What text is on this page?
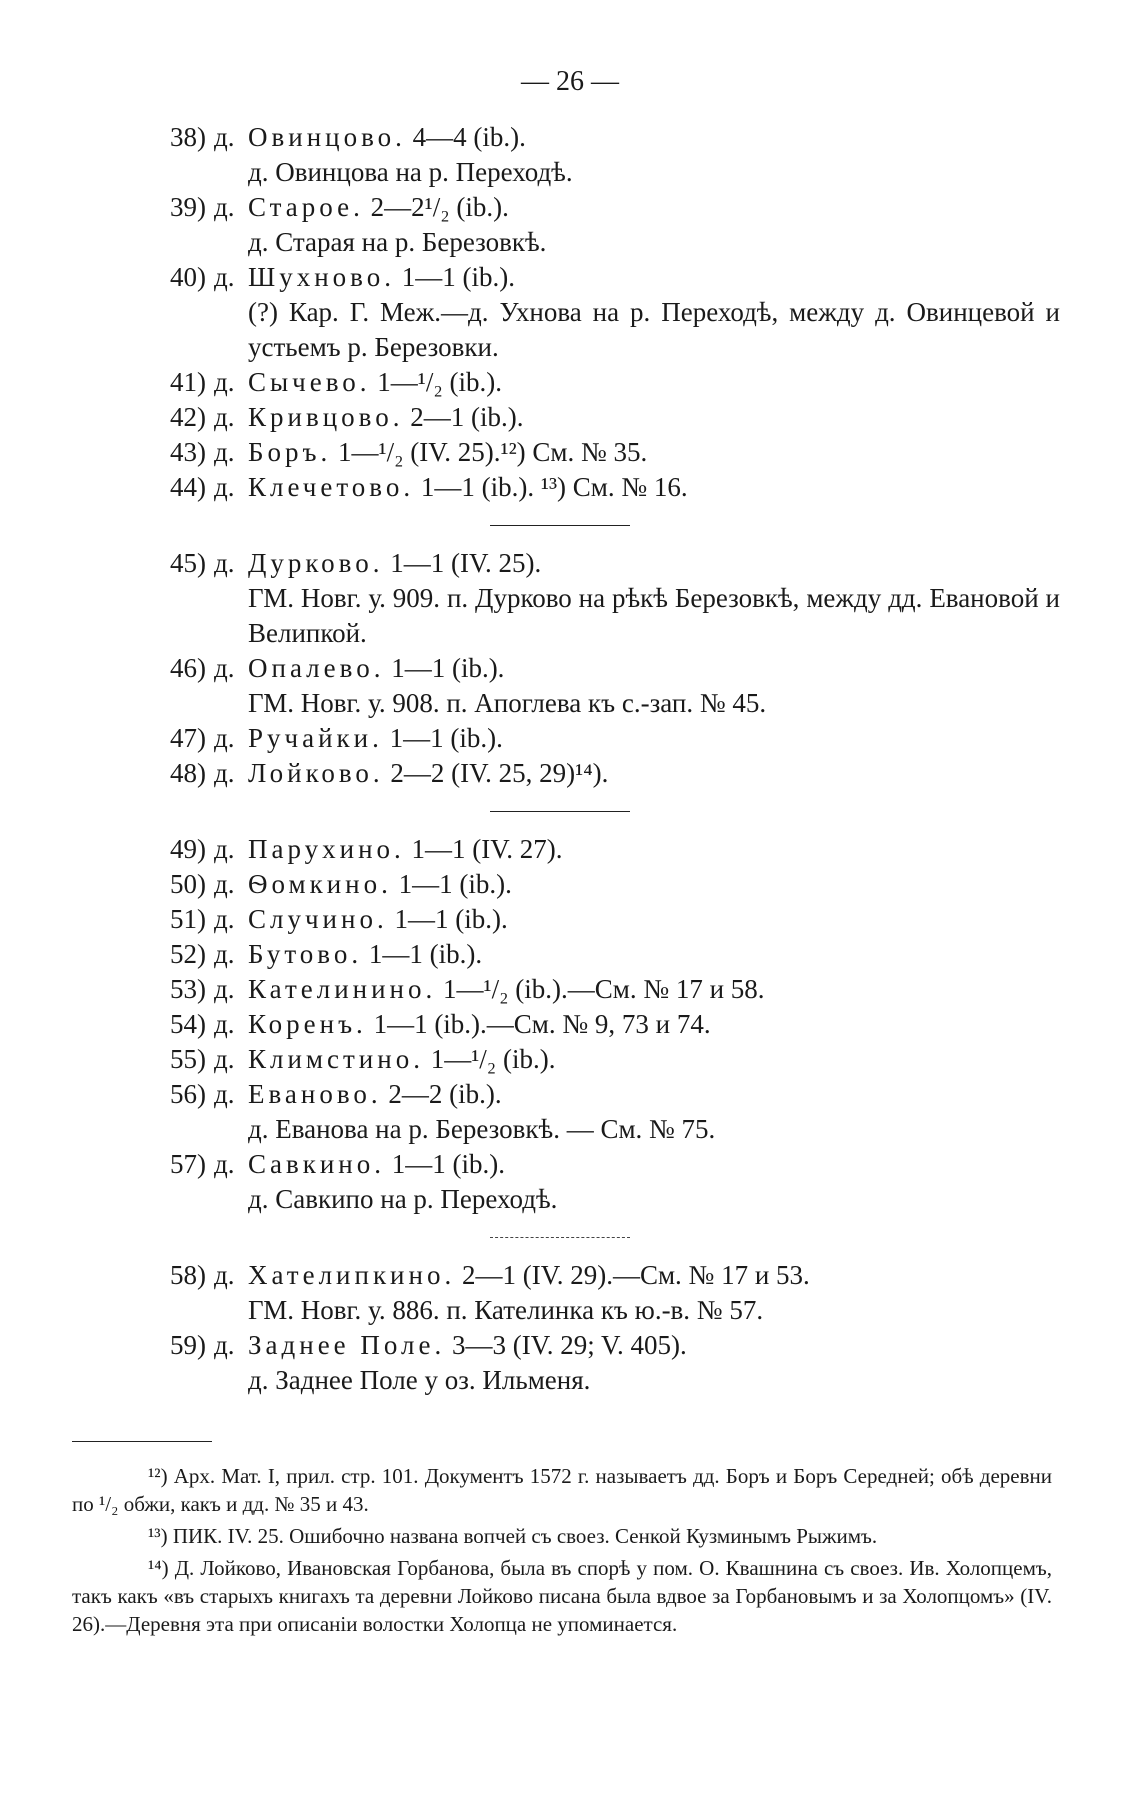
— 26 —
38) д. Овинцово. 4—4 (ib.).
д. Овинцова на р. Переходѣ.
39) д. Старое. 2—2¹/₂ (ib.).
д. Старая на р. Березовкѣ.
40) д. Шухново. 1—1 (ib.).
(?) Кар. Г. Меж.—д. Ухнова на р. Переходѣ, между д. Овинцевой и устьемъ р. Березовки.
41) д. Сычево. 1—¹/₂ (ib.).
42) д. Кривцово. 2—1 (ib.).
43) д. Боръ. 1—¹/₂ (IV. 25).¹²) См. № 35.
44) д. Клечетово. 1—1 (ib.). ¹³) См. № 16.
45) д. Дурково. 1—1 (IV. 25).
ГМ. Новг. у. 909. п. Дурково на рѣкѣ Березовкѣ, между дд. Евановой и Велипкой.
46) д. Опалево. 1—1 (ib.).
ГМ. Новг. у. 908. п. Апоглева къ с.-зап. № 45.
47) д. Ручайки. 1—1 (ib.).
48) д. Лойково. 2—2 (IV. 25, 29)¹⁴).
49) д. Парухино. 1—1 (IV. 27).
50) д. Ѳомкино. 1—1 (ib.).
51) д. Случино. 1—1 (ib.).
52) д. Бутово. 1—1 (ib.).
53) д. Кателинино. 1—¹/₂ (ib.).—См. № 17 и 58.
54) д. Коренъ. 1—1 (ib.).—См. № 9, 73 и 74.
55) д. Климстино. 1—¹/₂ (ib.).
56) д. Еваново. 2—2 (ib.).
д. Еванова на р. Березовкѣ. — См. № 75.
57) д. Савкино. 1—1 (ib.).
д. Савкипо на р. Переходѣ.
58) д. Хателипкино. 2—1 (IV. 29).—См. № 17 и 53.
ГМ. Новг. у. 886. п. Кателинка къ ю.-в. № 57.
59) д. Заднее Поле. 3—3 (IV. 29; V. 405).
д. Заднее Поле у оз. Ильменя.
¹²) Арх. Мат. I, прил. стр. 101. Документъ 1572 г. называетъ дд. Боръ и Боръ Середней; обѣ деревни по ¹/₂ обжи, какъ и дд. № 35 и 43.
¹³) ПИК. IV. 25. Ошибочно названа вопчей съ своез. Сенкой Кузминымъ Рыжимъ.
¹⁴) Д. Лойково, Ивановская Горбанова, была въ спорѣ у пом. О. Квашнина съ своез. Ив. Холопцемъ, такъ какъ «въ старыхъ книгахъ та деревни Лойково писана была вдвое за Горбановымъ и за Холопцомъ» (IV. 26).—Деревня эта при описаніи волостки Холопца не упоминается.
